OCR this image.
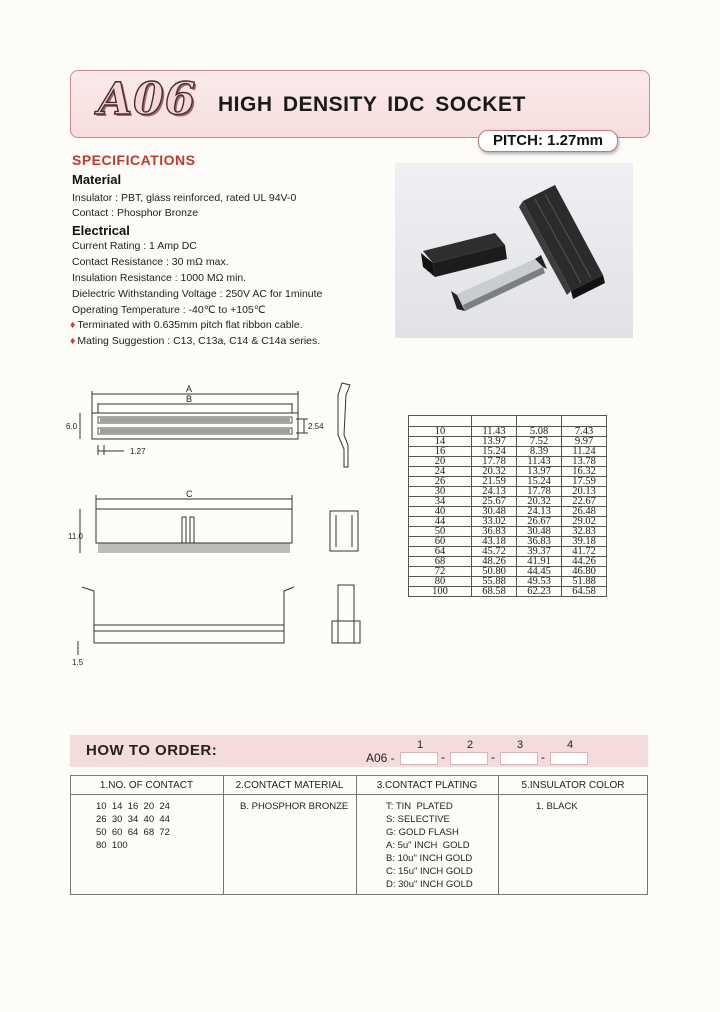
A06 HIGH DENSITY IDC SOCKET
PITCH: 1.27mm
SPECIFICATIONS
Material
Insulator : PBT, glass reinforced, rated UL 94V-0
Contact : Phosphor Bronze
Electrical
Current Rating : 1 Amp DC
Contact Resistance : 30 mΩ max.
Insulation Resistance : 1000 MΩ min.
Dielectric Withstanding Voltage : 250V AC for 1minute
Operating Temperature : -40℃ to +105℃
♦ Terminated with 0.635mm pitch flat ribbon cable.
♦ Mating Suggestion : C13, C13a, C14 & C14a series.
A
B
C
6.0	2.54
1.27
11.0
1.5

10	11.43	5.08	7.43
14	13.97	7.52	9.97
16	15.24	8.39	11.24
20	17.78	11.43	13.78
24	20.32	13.97	16.32
26	21.59	15.24	17.59
30	24.13	17.78	20.13
34	25.67	20.32	22.67
40	30.48	24.13	26.48
44	33.02	26.67	29.02
50	36.83	30.48	32.83
60	43.18	36.83	39.18
64	45.72	39.37	41.72
68	48.26	41.91	44.26
72	50.80	44.45	46.80
80	55.88	49.53	51.88
100	68.58	62.23	64.58
HOW TO ORDER:	A06 -
1
-
2
-
3
-
4
1.NO. OF CONTACT	2.CONTACT MATERIAL	3.CONTACT PLATING	5.INSULATOR COLOR
10  14  16  20  24
26  30  34  40  44
50  60  64  68  72
80  100
B. PHOSPHOR BRONZE	T: TIN  PLATED
S: SELECTIVE
G: GOLD FLASH
A: 5u" INCH  GOLD
B: 10u" INCH GOLD
C: 15u" INCH GOLD
D: 30u" INCH GOLD
1. BLACK
